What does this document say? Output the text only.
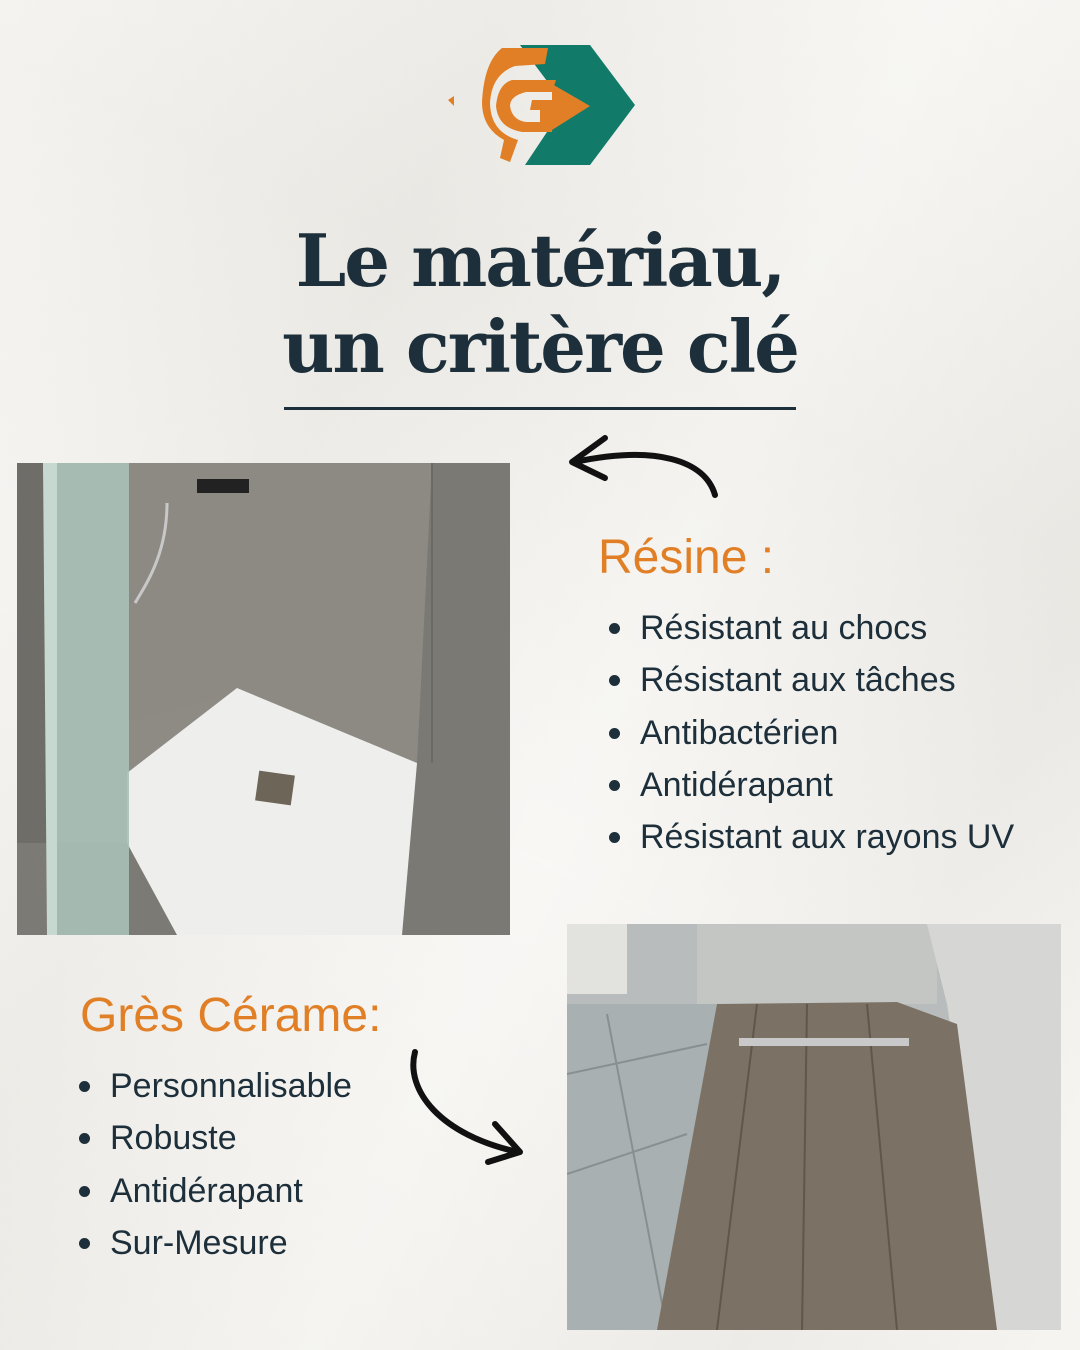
Le matériau,
un critère clé
Résine :
Résistant au chocs
Résistant aux tâches
Antibactérien
Antidérapant
Résistant aux rayons UV
Grès Cérame:
Personnalisable
Robuste
Antidérapant
Sur-Mesure
